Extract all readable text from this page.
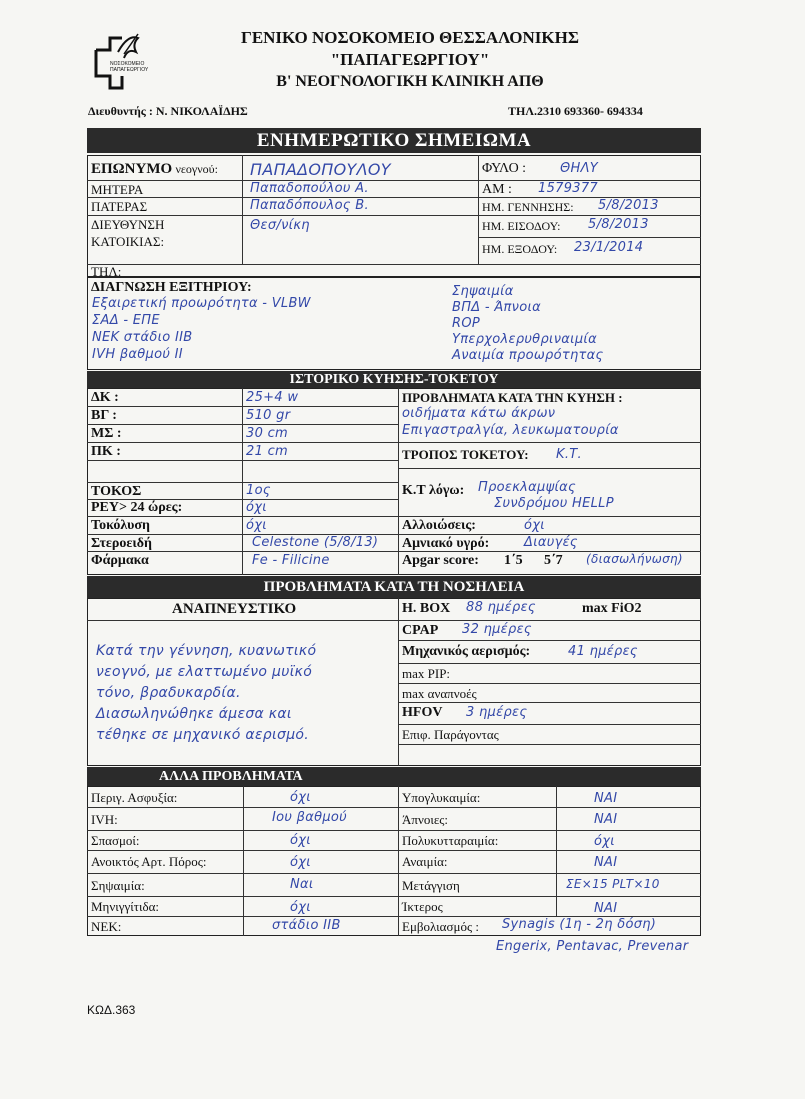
ΝΟΣΟΚΟΜΕΙΟ
ΠΑΠΑΓΕΩΡΓΙΟΥ
ΓΕΝΙΚΟ ΝΟΣΟΚΟΜΕΙΟ ΘΕΣΣΑΛΟΝΙΚΗΣ
"ΠΑΠΑΓΕΩΡΓΙΟΥ"
Β' ΝΕΟΓΝΟΛΟΓΙΚΗ ΚΛΙΝΙΚΗ ΑΠΘ
Διευθυντής : Ν. ΝΙΚΟΛΑΪΔΗΣ	ΤΗΛ.2310 693360- 694334
ΕΝΗΜΕΡΩΤΙΚΟ ΣΗΜΕΙΩΜΑ
ΕΠΩΝΥΜΟ νεογνού: ΠΑΠΑΔΟΠΟΥΛΟΥ
ΜΗΤΕΡΑ	Παπαδοπούλου Α.
ΠΑΤΕΡΑΣ	Παπαδόπουλος Β.
ΔΙΕΥΘΥΝΣΗ
ΚΑΤΟΙΚΙΑΣ:
Θεσ/νίκη
ΤΗΛ:
ΦΥΛΟ :	ΘΗΛΥ
ΑΜ : 1579377
ΗΜ. ΓΕΝΝΗΣΗΣ: 5/8/2013
ΗΜ. ΕΙΣΟΔΟΥ: 5/8/2013
ΗΜ. ΕΞΟΔΟΥ: 23/1/2014
ΔΙΑΓΝΩΣΗ ΕΞΙΤΗΡΙΟΥ:
Εξαιρετική προωρότητα - VLBW
ΣΑΔ - ΕΠΕ
ΝΕΚ στάδιο ΙΙΒ
ΙVΗ βαθμού ΙΙ
Σηψαιμία
ΒΠΔ - Άπνοια
ROP
Υπερχολερυθριναιμία
Αναιμία προωρότητας
ΙΣΤΟΡΙΚΟ ΚΥΗΣΗΣ-ΤΟΚΕΤΟΥ
ΔΚ :	25+4 w
ΒΓ :	510 gr
ΜΣ :	30 cm
ΠΚ :	21 cm
ΠΡΟΒΛΗΜΑΤΑ ΚΑΤΑ ΤΗΝ ΚΥΗΣΗ :
οιδήματα κάτω άκρων
Επιγαστραλγία, λευκωματουρία
ΤΡΟΠΟΣ ΤΟΚΕΤΟΥ: Κ.Τ.
ΤΟΚΟΣ	1ος
ΡΕΥ> 24 ώρες:	όχι
Τοκόλυση	όχι
Στεροειδή	Celestone (5/8/13)
Φάρμακα	Fe - Filicine
Κ.Τ λόγω: Προεκλαμψίας
Συνδρόμου HELLP
Αλλοιώσεις:	όχι
Αμνιακό υγρό:	Διαυγές
Apgar score: 1΄5 5΄7 (διασωλήνωση)
ΠΡΟΒΛΗΜΑΤΑ ΚΑΤΑ ΤΗ ΝΟΣΗΛΕΙΑ
ΑΝΑΠΝΕΥΣΤΙΚΟ
Κατά την γέννηση, κυανωτικό
νεογνό, με ελαττωμένο μυϊκό
τόνο, βραδυκαρδία.
Διασωληνώθηκε άμεσα και
τέθηκε σε μηχανικό αερισμό.
Η. ΒΟΧ 88 ημέρες	max FiO2
CPAP 32 ημέρες
Μηχανικός αερισμός:	41 ημέρες
max PIP:
max αναπνοές
HFOV 3 ημέρες
Επιφ. Παράγοντας
ΑΛΛΑ ΠΡΟΒΛΗΜΑΤΑ
Περιγ. Ασφυξία:	όχι
IVH:	Ιου βαθμού
Σπασμοί:	όχι
Ανοικτός Αρτ. Πόρος:	όχι
Σηψαιμία:	Ναι
Μηνιγγίτιδα:	όχι
ΝΕΚ:	στάδιο ΙΙΒ
Υπογλυκαιμία:	ΝΑΙ
Άπνοιες:	ΝΑΙ
Πολυκυτταραιμία:	όχι
Αναιμία:	ΝΑΙ
Μετάγγιση	ΣΕ×15 PLT×10
Ίκτερος	ΝΑΙ
Εμβολιασμός : Synagis (1η - 2η δόση)
Engerix, Pentavac, Prevenar
ΚΩΔ.363
